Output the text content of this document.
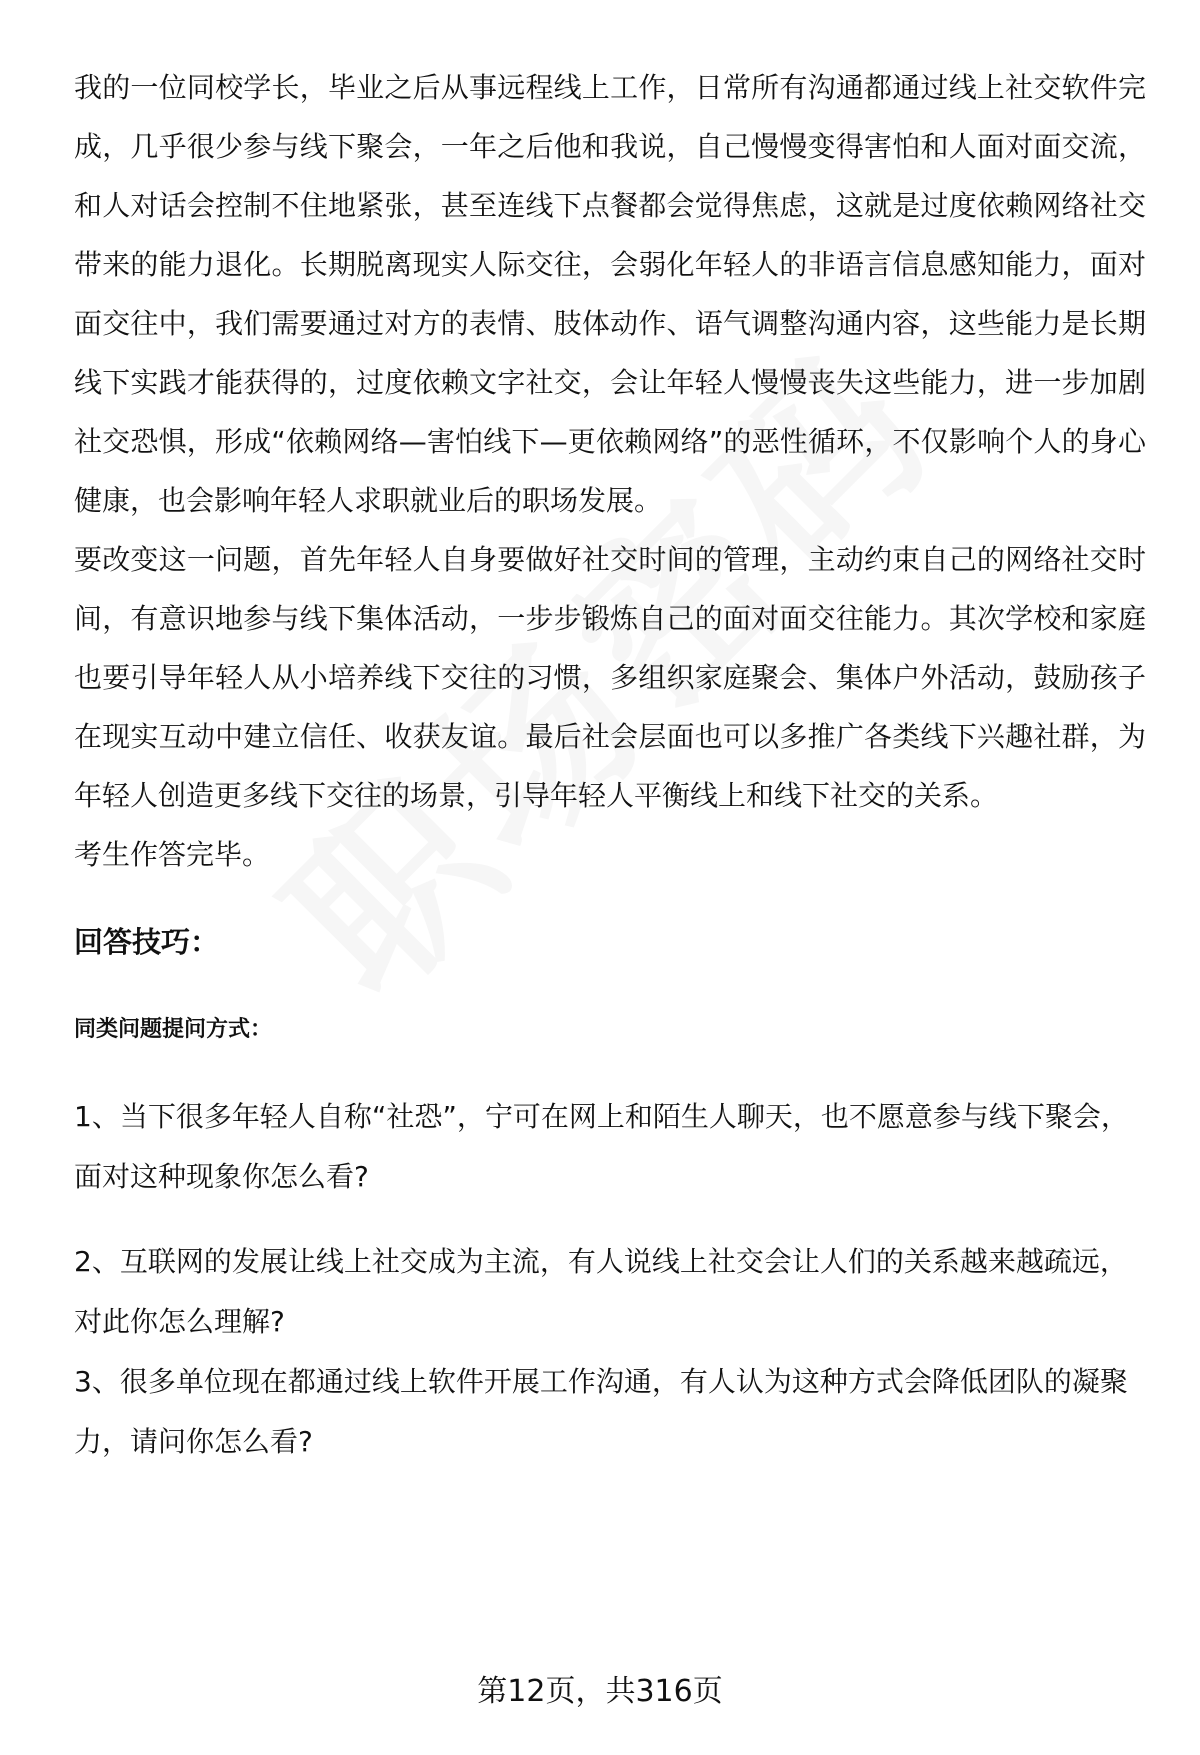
我的一位同校学长，毕业之后从事远程线上工作，日常所有沟通都通过线上社交软件完成，几乎很少参与线下聚会，一年之后他和我说，自己慢慢变得害怕和人面对面交流，和人对话会控制不住地紧张，甚至连线下点餐都会觉得焦虑，这就是过度依赖网络社交带来的能力退化。长期脱离现实人际交往，会弱化年轻人的非语言信息感知能力，面对面交往中，我们需要通过对方的表情、肢体动作、语气调整沟通内容，这些能力是长期线下实践才能获得的，过度依赖文字社交，会让年轻人慢慢丧失这些能力，进一步加剧社交恐惧，形成“依赖网络—害怕线下—更依赖网络”的恶性循环，不仅影响个人的身心健康，也会影响年轻人求职就业后的职场发展。

要改变这一问题，首先年轻人自身要做好社交时间的管理，主动约束自己的网络社交时间，有意识地参与线下集体活动，一步步锻炼自己的面对面交往能力。其次学校和家庭也要引导年轻人从小培养线下交往的习惯，多组织家庭聚会、集体户外活动，鼓励孩子在现实互动中建立信任、收获友谊。最后社会层面也可以多推广各类线下兴趣社群，为年轻人创造更多线下交往的场景，引导年轻人平衡线上和线下社交的关系。

考生作答完毕。

回答技巧：
同类问题提问方式：
1、当下很多年轻人自称“社恐”，宁可在网上和陌生人聊天，也不愿意参与线下聚会，面对这种现象你怎么看?
2、互联网的发展让线上社交成为主流，有人说线上社交会让人们的关系越来越疏远，对此你怎么理解?
3、很多单位现在都通过线上软件开展工作沟通，有人认为这种方式会降低团队的凝聚力，请问你怎么看?
第12页，共316页
